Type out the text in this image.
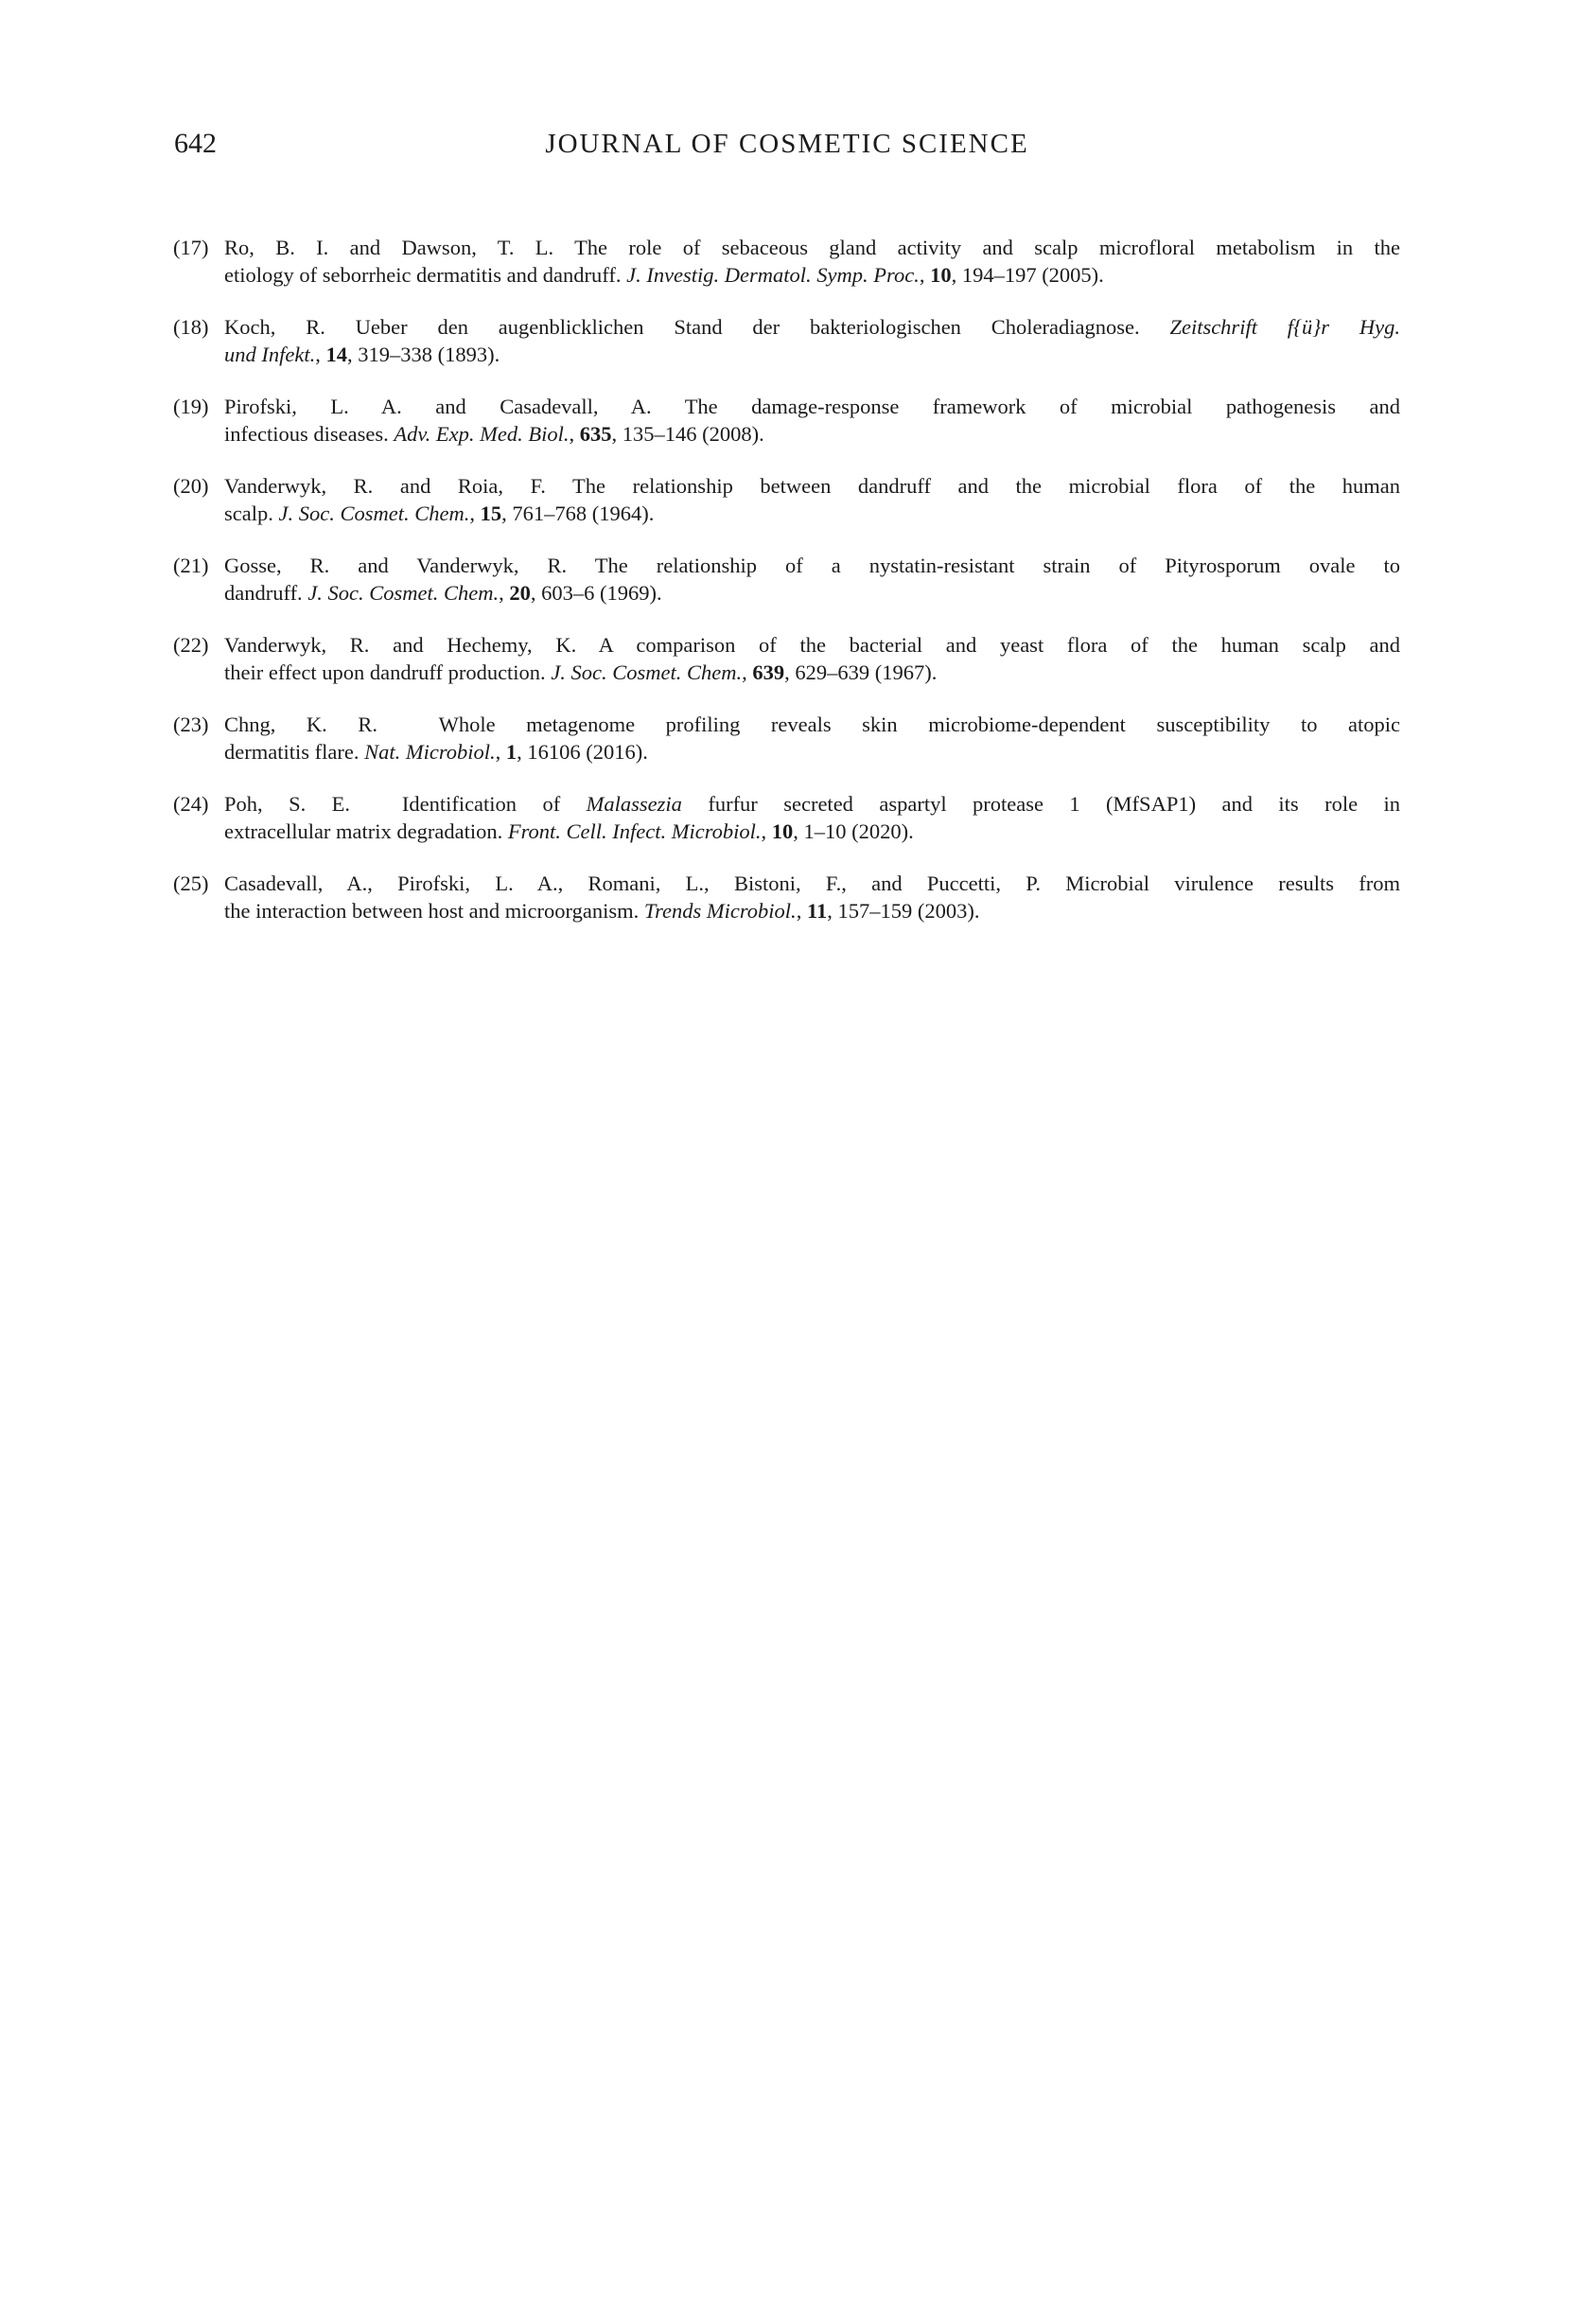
642	JOURNAL OF COSMETIC SCIENCE
(17) Ro, B. I. and Dawson, T. L. The role of sebaceous gland activity and scalp microfloral metabolism in the
etiology of seborrheic dermatitis and dandruff. J. Investig. Dermatol. Symp. Proc., 10, 194–197 (2005).
(18) Koch, R. Ueber den augenblicklichen Stand der bakteriologischen Choleradiagnose. Zeitschrift f{ü}r Hyg.
und Infekt., 14, 319–338 (1893).
(19) Pirofski, L. A. and Casadevall, A. The damage-response framework of microbial pathogenesis and
infectious diseases. Adv. Exp. Med. Biol., 635, 135–146 (2008).
(20) Vanderwyk, R. and Roia, F. The relationship between dandruff and the microbial flora of the human
scalp. J. Soc. Cosmet. Chem., 15, 761–768 (1964).
(21) Gosse, R. and Vanderwyk, R. The relationship of a nystatin-resistant strain of Pityrosporum ovale to
dandruff. J. Soc. Cosmet. Chem., 20, 603–6 (1969).
(22) Vanderwyk, R. and Hechemy, K. A comparison of the bacterial and yeast flora of the human scalp and
their effect upon dandruff production. J. Soc. Cosmet. Chem., 639, 629–639 (1967).
(23) Chng, K. R.  Whole metagenome profiling reveals skin microbiome-dependent susceptibility to atopic
dermatitis flare. Nat. Microbiol., 1, 16106 (2016).
(24) Poh, S. E.  Identification of Malassezia furfur secreted aspartyl protease 1 (MfSAP1) and its role in
extracellular matrix degradation. Front. Cell. Infect. Microbiol., 10, 1–10 (2020).
(25) Casadevall, A., Pirofski, L. A., Romani, L., Bistoni, F., and Puccetti, P. Microbial virulence results from
the interaction between host and microorganism. Trends Microbiol., 11, 157–159 (2003).
